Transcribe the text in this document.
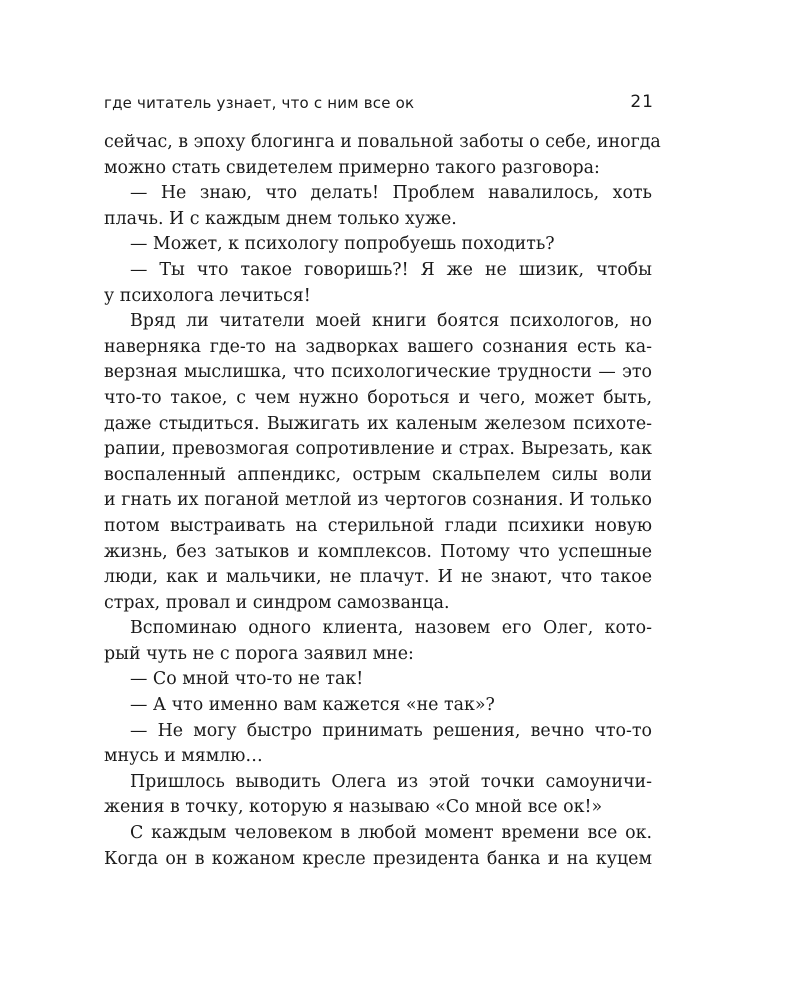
где читатель узнает, что с ним все ок	21
сейчас, в эпоху блогинга и повальной заботы о себе, иногда
можно стать свидетелем примерно такого разговора:
— Не знаю, что делать! Проблем навалилось, хоть
плачь. И с каждым днем только хуже.
— Может, к психологу попробуешь походить?
— Ты что такое говоришь?! Я же не шизик, чтобы
у психолога лечиться!
Вряд ли читатели моей книги боятся психологов, но
наверняка где-то на задворках вашего сознания есть ка-
верзная мыслишка, что психологические трудности — это
что-то такое, с чем нужно бороться и чего, может быть,
даже стыдиться. Выжигать их каленым железом психоте-
рапии, превозмогая сопротивление и страх. Вырезать, как
воспаленный аппендикс, острым скальпелем силы воли
и гнать их поганой метлой из чертогов сознания. И только
потом выстраивать на стерильной глади психики новую
жизнь, без затыков и комплексов. Потому что успешные
люди, как и мальчики, не плачут. И не знают, что такое
страх, провал и синдром самозванца.
Вспоминаю одного клиента, назовем его Олег, кото-
рый чуть не с порога заявил мне:
— Со мной что-то не так!
— А что именно вам кажется «не так»?
— Не могу быстро принимать решения, вечно что-то
мнусь и мямлю…
Пришлось выводить Олега из этой точки самоуничи-
жения в точку, которую я называю «Со мной все ок!»
С каждым человеком в любой момент времени все ок.
Когда он в кожаном кресле президента банка и на куцем
